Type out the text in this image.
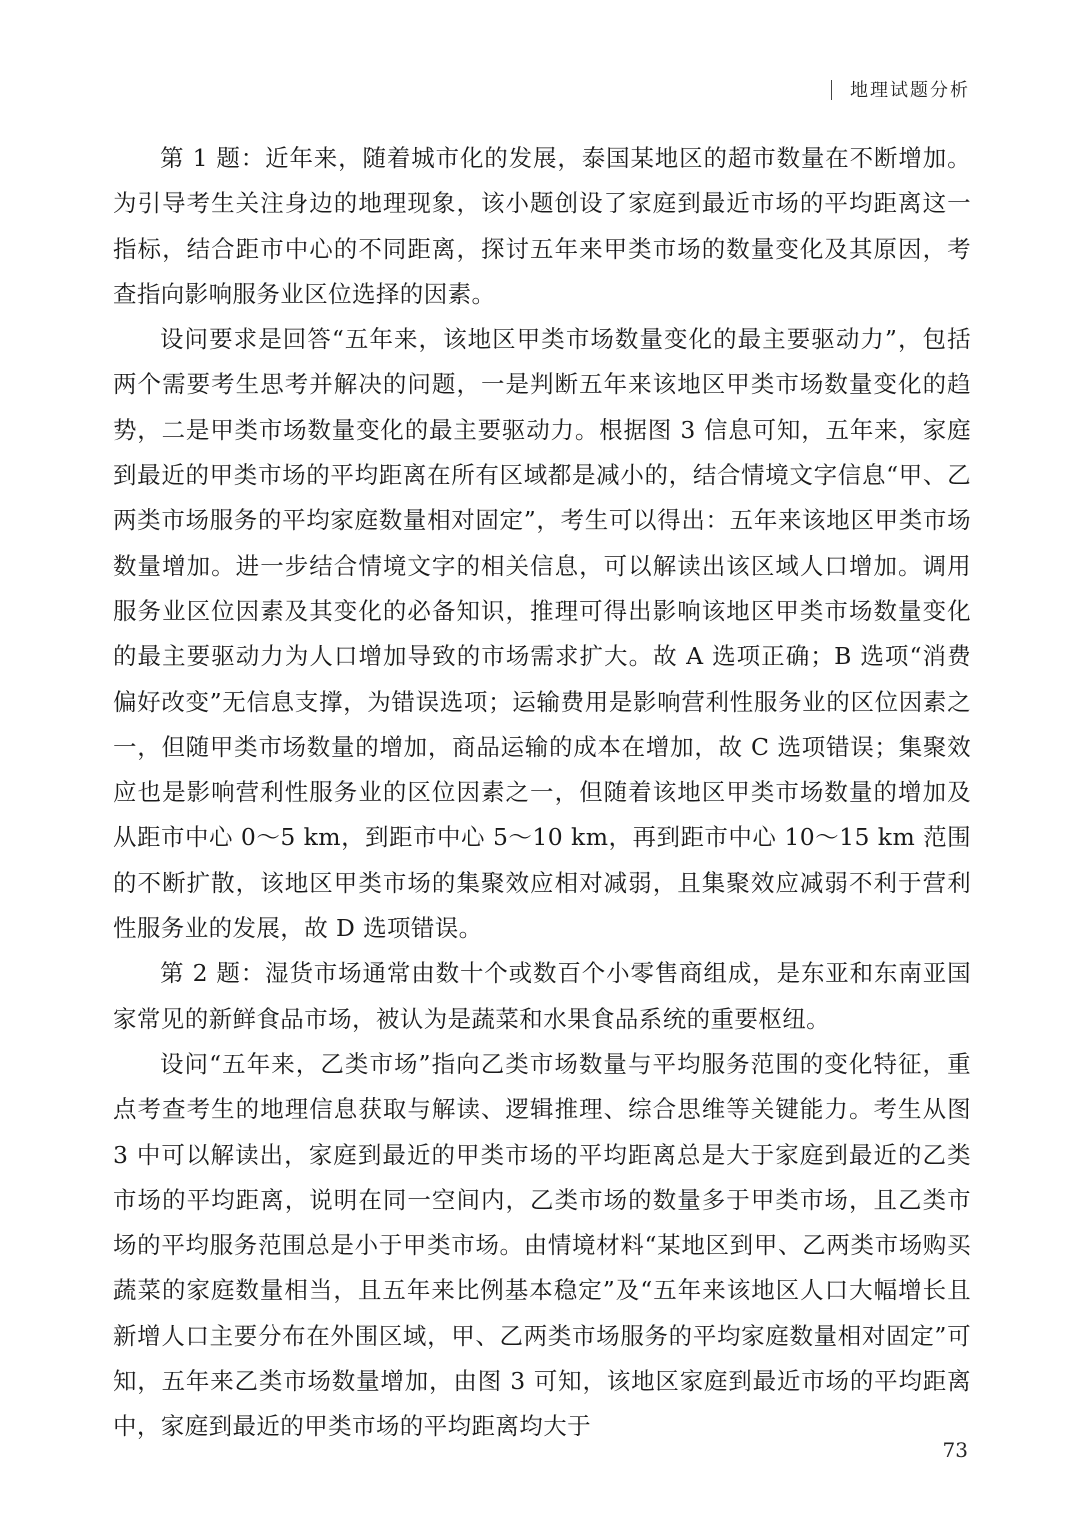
地理试题分析

第 1 题：近年来，随着城市化的发展，泰国某地区的超市数量在不断增加。为引导考生关注身边的地理现象，该小题创设了家庭到最近市场的平均距离这一指标，结合距市中心的不同距离，探讨五年来甲类市场的数量变化及其原因，考查指向影响服务业区位选择的因素。

设问要求是回答“五年来，该地区甲类市场数量变化的最主要驱动力”，包括两个需要考生思考并解决的问题，一是判断五年来该地区甲类市场数量变化的趋势，二是甲类市场数量变化的最主要驱动力。根据图 3 信息可知，五年来，家庭到最近的甲类市场的平均距离在所有区域都是减小的，结合情境文字信息“甲、乙两类市场服务的平均家庭数量相对固定”，考生可以得出：五年来该地区甲类市场数量增加。进一步结合情境文字的相关信息，可以解读出该区域人口增加。调用服务业区位因素及其变化的必备知识，推理可得出影响该地区甲类市场数量变化的最主要驱动力为人口增加导致的市场需求扩大。故 A 选项正确；B 选项“消费偏好改变”无信息支撑，为错误选项；运输费用是影响营利性服务业的区位因素之一，但随甲类市场数量的增加，商品运输的成本在增加，故 C 选项错误；集聚效应也是影响营利性服务业的区位因素之一，但随着该地区甲类市场数量的增加及从距市中心 0～5 km，到距市中心 5～10 km，再到距市中心 10～15 km 范围的不断扩散，该地区甲类市场的集聚效应相对减弱，且集聚效应减弱不利于营利性服务业的发展，故 D 选项错误。

第 2 题：湿货市场通常由数十个或数百个小零售商组成，是东亚和东南亚国家常见的新鲜食品市场，被认为是蔬菜和水果食品系统的重要枢纽。

设问“五年来，乙类市场”指向乙类市场数量与平均服务范围的变化特征，重点考查考生的地理信息获取与解读、逻辑推理、综合思维等关键能力。考生从图 3 中可以解读出，家庭到最近的甲类市场的平均距离总是大于家庭到最近的乙类市场的平均距离，说明在同一空间内，乙类市场的数量多于甲类市场，且乙类市场的平均服务范围总是小于甲类市场。由情境材料“某地区到甲、乙两类市场购买蔬菜的家庭数量相当，且五年来比例基本稳定”及“五年来该地区人口大幅增长且新增人口主要分布在外围区域，甲、乙两类市场服务的平均家庭数量相对固定”可知，五年来乙类市场数量增加，由图 3 可知，该地区家庭到最近市场的平均距离中，家庭到最近的甲类市场的平均距离均大于

73
